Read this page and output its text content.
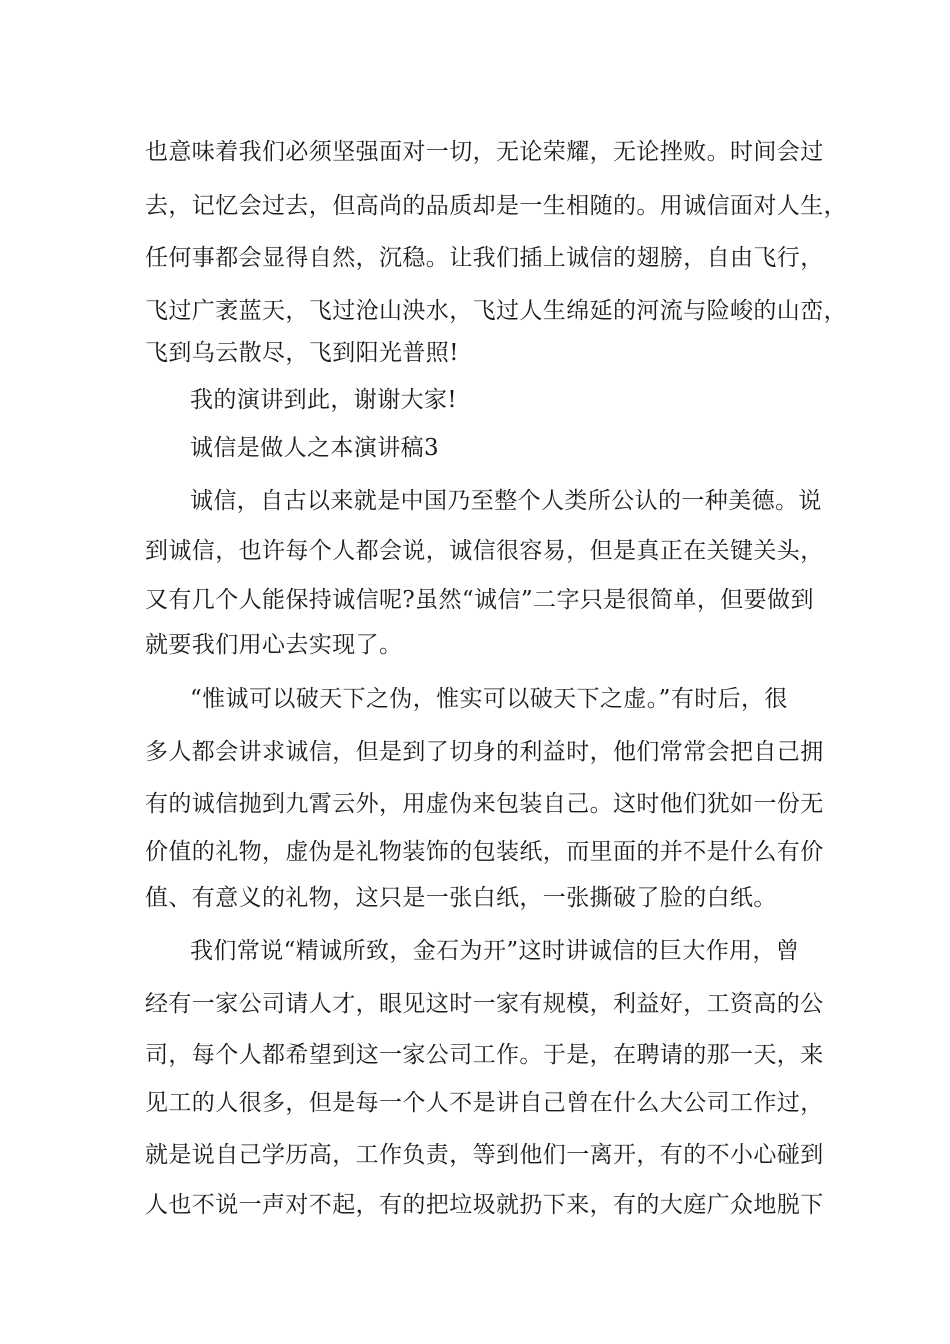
也意味着我们必须坚强面对一切，无论荣耀，无论挫败。时间会过
去，记忆会过去，但高尚的品质却是一生相随的。用诚信面对人生，
任何事都会显得自然，沉稳。让我们插上诚信的翅膀，自由飞行，
飞过广袤蓝天，飞过沧山泱水，飞过人生绵延的河流与险峻的山峦，
飞到乌云散尽，飞到阳光普照!
我的演讲到此，谢谢大家!
诚信是做人之本演讲稿3
诚信，自古以来就是中国乃至整个人类所公认的一种美德。说
到诚信，也许每个人都会说，诚信很容易，但是真正在关键关头，
又有几个人能保持诚信呢?虽然“诚信”二字只是很简单，但要做到
就要我们用心去实现了。
“惟诚可以破天下之伪，惟实可以破天下之虚。”有时后，很
多人都会讲求诚信，但是到了切身的利益时，他们常常会把自己拥
有的诚信抛到九霄云外，用虚伪来包装自己。这时他们犹如一份无
价值的礼物，虚伪是礼物装饰的包装纸，而里面的并不是什么有价
值、有意义的礼物，这只是一张白纸，一张撕破了脸的白纸。
我们常说“精诚所致，金石为开”这时讲诚信的巨大作用，曾
经有一家公司请人才，眼见这时一家有规模，利益好，工资高的公
司，每个人都希望到这一家公司工作。于是，在聘请的那一天，来
见工的人很多，但是每一个人不是讲自己曾在什么大公司工作过，
就是说自己学历高，工作负责，等到他们一离开，有的不小心碰到
人也不说一声对不起，有的把垃圾就扔下来，有的大庭广众地脱下
